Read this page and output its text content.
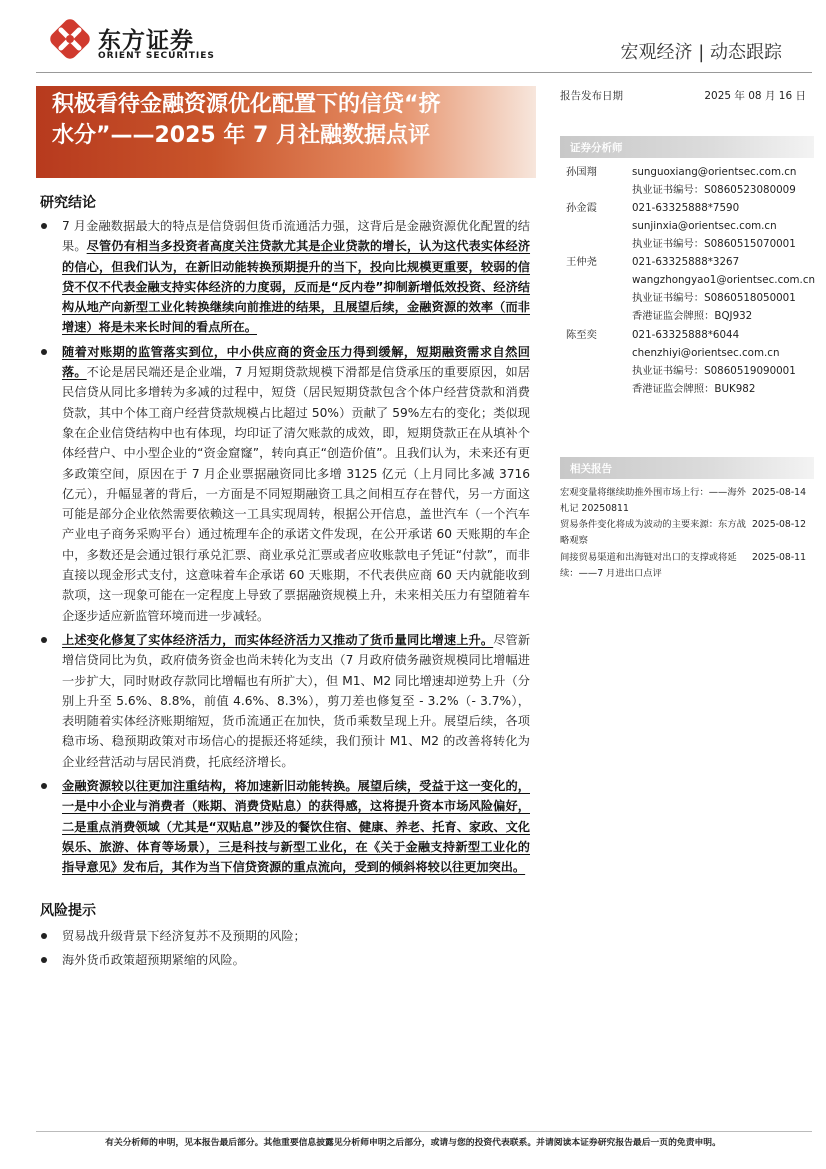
东方证券
ORIENT SECURITIES	宏观经济 | 动态跟踪
积极看待金融资源优化配置下的信贷“挤
水分”——2025 年 7 月社融数据点评
报告发布日期	2025 年 08 月 16 日
研究结论
7 月金融数据最大的特点是信贷弱但货币流通活力强，这背后是金融资源优化配置的结果。尽管仍有相当多投资者高度关注贷款尤其是企业贷款的增长，认为这代表实体经济的信心，但我们认为，在新旧动能转换预期提升的当下，投向比规模更重要，较弱的信贷不仅不代表金融支持实体经济的力度弱，反而是“反内卷”抑制新增低效投资、经济结构从地产向新型工业化转换继续向前推进的结果，且展望后续，金融资源的效率（而非增速）将是未来长时间的看点所在。
随着对账期的监管落实到位，中小供应商的资金压力得到缓解，短期融资需求自然回落。不论是居民端还是企业端，7 月短期贷款规模下滑都是信贷承压的重要原因，如居民信贷从同比多增转为多减的过程中，短贷（居民短期贷款包含个体户经营贷款和消费贷款，其中个体工商户经营贷款规模占比超过 50%）贡献了 59%左右的变化；类似现象在企业信贷结构中也有体现，均印证了清欠账款的成效，即，短期贷款正在从填补个体经营户、中小型企业的“资金窟窿”，转向真正“创造价值”。且我们认为，未来还有更多政策空间，原因在于 7 月企业票据融资同比多增 3125 亿元（上月同比多减 3716 亿元），升幅显著的背后，一方面是不同短期融资工具之间相互存在替代，另一方面这可能是部分企业依然需要依赖这一工具实现周转，根据公开信息，盖世汽车（一个汽车产业电子商务采购平台）通过梳理车企的承诺文件发现，在公开承诺 60 天账期的车企中，多数还是会通过银行承兑汇票、商业承兑汇票或者应收账款电子凭证“付款”，而非直接以现金形式支付，这意味着车企承诺 60 天账期，不代表供应商 60 天内就能收到款项，这一现象可能在一定程度上导致了票据融资规模上升，未来相关压力有望随着车企逐步适应新监管环境而进一步减轻。
上述变化修复了实体经济活力，而实体经济活力又推动了货币量同比增速上升。尽管新增信贷同比为负，政府债务资金也尚未转化为支出（7 月政府债务融资规模同比增幅进一步扩大，同时财政存款同比增幅也有所扩大），但 M1、M2 同比增速却逆势上升（分别上升至 5.6%、8.8%，前值 4.6%、8.3%），剪刀差也修复至 - 3.2%（- 3.7%），表明随着实体经济账期缩短，货币流通正在加快，货币乘数呈现上升。展望后续，各项稳市场、稳预期政策对市场信心的提振还将延续，我们预计 M1、M2 的改善将转化为企业经营活动与居民消费，托底经济增长。
金融资源较以往更加注重结构，将加速新旧动能转换。展望后续，受益于这一变化的，一是中小企业与消费者（账期、消费贷贴息）的获得感，这将提升资本市场风险偏好，二是重点消费领域（尤其是“双贴息”涉及的餐饮住宿、健康、养老、托育、家政、文化娱乐、旅游、体育等场景），三是科技与新型工业化，在《关于金融支持新型工业化的指导意见》发布后，其作为当下信贷资源的重点流向，受到的倾斜将较以往更加突出。
风险提示
贸易战升级背景下经济复苏不及预期的风险；
海外货币政策超预期紧缩的风险。
证券分析师
孙国翔	sunguoxiang@orientsec.com.cn
执业证书编号：S0860523080009
孙金霞	021-63325888*7590
sunjinxia@orientsec.com.cn
执业证书编号：S0860515070001
王仲尧	021-63325888*3267
wangzhongyao1@orientsec.com.cn
执业证书编号：S0860518050001
香港证监会牌照：BQJ932
陈至奕	021-63325888*6044
chenzhiyi@orientsec.com.cn
执业证书编号：S0860519090001
香港证监会牌照：BUK982
相关报告
宏观变量将继续助推外围市场上行：——海外札记 20250811
2025-08-14
贸易条件变化将成为波动的主要来源：东方战略观察
2025-08-12
间接贸易渠道和出海链对出口的支撑或将延续：——7 月进出口点评
2025-08-11
有关分析师的申明，见本报告最后部分。其他重要信息披露见分析师申明之后部分，或请与您的投资代表联系。并请阅读本证券研究报告最后一页的免责申明。
